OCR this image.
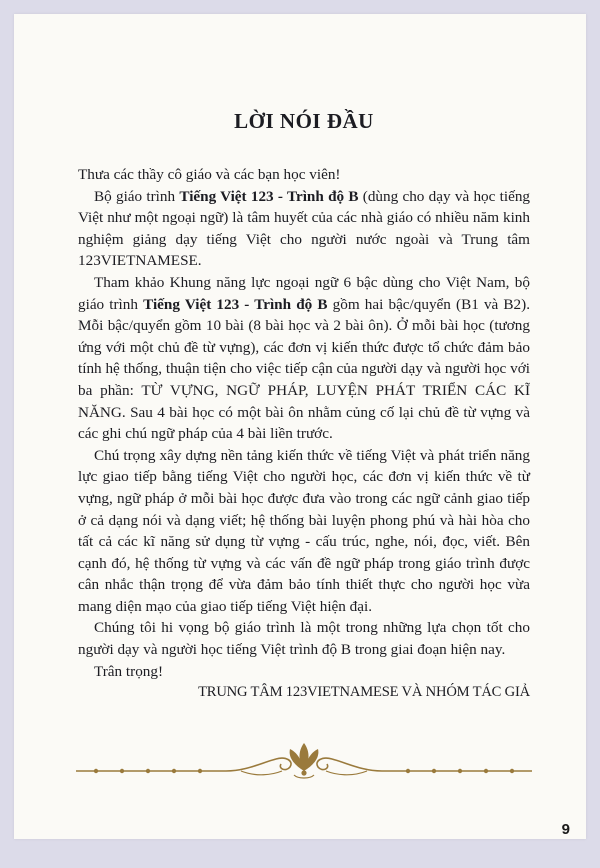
LỜI NÓI ĐẦU

Thưa các thầy cô giáo và các bạn học viên!

Bộ giáo trình Tiếng Việt 123 - Trình độ B (dùng cho dạy và học tiếng Việt như một ngoại ngữ) là tâm huyết của các nhà giáo có nhiều năm kinh nghiệm giảng dạy tiếng Việt cho người nước ngoài và Trung tâm 123VIETNAMESE.

Tham khảo Khung năng lực ngoại ngữ 6 bậc dùng cho Việt Nam, bộ giáo trình Tiếng Việt 123 - Trình độ B gồm hai bậc/quyển (B1 và B2). Mỗi bậc/quyển gồm 10 bài (8 bài học và 2 bài ôn). Ở mỗi bài học (tương ứng với một chủ đề từ vựng), các đơn vị kiến thức được tổ chức đảm bảo tính hệ thống, thuận tiện cho việc tiếp cận của người dạy và người học với ba phần: TỪ VỰNG, NGỮ PHÁP, LUYỆN PHÁT TRIỂN CÁC KĨ NĂNG. Sau 4 bài học có một bài ôn nhằm củng cố lại chủ đề từ vựng và các ghi chú ngữ pháp của 4 bài liền trước.

Chú trọng xây dựng nền tảng kiến thức về tiếng Việt và phát triển năng lực giao tiếp bằng tiếng Việt cho người học, các đơn vị kiến thức về từ vựng, ngữ pháp ở mỗi bài học được đưa vào trong các ngữ cảnh giao tiếp ở cả dạng nói và dạng viết; hệ thống bài luyện phong phú và hài hòa cho tất cả các kĩ năng sử dụng từ vựng - cấu trúc, nghe, nói, đọc, viết. Bên cạnh đó, hệ thống từ vựng và các vấn đề ngữ pháp trong giáo trình được cân nhắc thận trọng để vừa đảm bảo tính thiết thực cho người học vừa mang diện mạo của giao tiếp tiếng Việt hiện đại.

Chúng tôi hi vọng bộ giáo trình là một trong những lựa chọn tốt cho người dạy và người học tiếng Việt trình độ B trong giai đoạn hiện nay.

Trân trọng!

TRUNG TÂM 123VIETNAMESE VÀ NHÓM TÁC GIẢ

9
